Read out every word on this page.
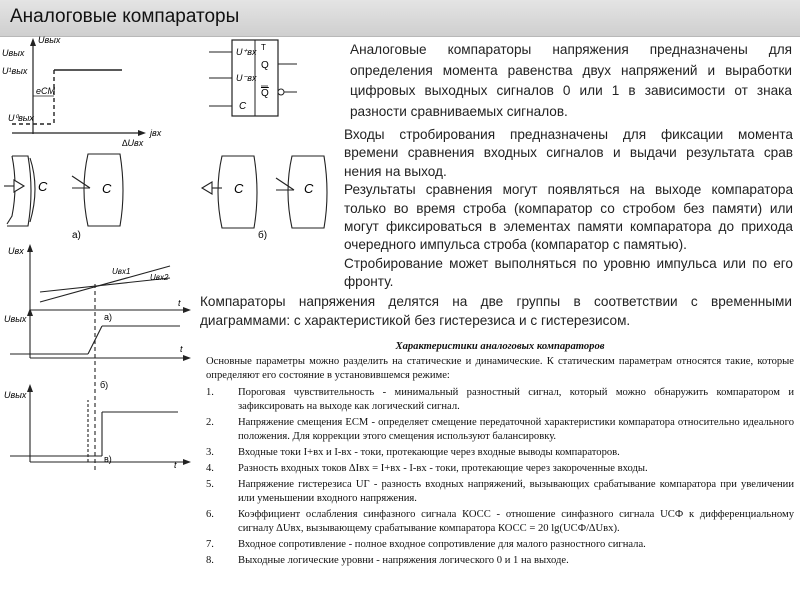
Аналоговые компараторы
Uвых
Uвых
U¹вых
eCM
U⁰вых
jвх
∆Uвх
U⁺вх
U⁻вх
C
T
Q
Q
C	C
а)
C	C
б)
Uвх
Uвх1
Uвх2
t
а)
Uвых
t
б)
Uвых
t
в)
Аналоговые компараторы напряжения предназначены для определения момента равенства двух напряжений и выработки цифровых выходных сигналов 0 или 1 в зависимости от знака разности сравниваемых сигналов.

Входы стробирования предназначены для фиксации момента времени сравнения входных сигналов и выдачи результата срав нения на выход.

Результаты сравнения могут появляться на выходе компаратора только во время строба (компаратор со стробом без памяти) или могут фиксироваться в элементах памяти компаратора до прихода очередного импульса строба (компаратор с памятью).

Стробирование может выполняться по уровню импульса или по его фронту.

Компараторы напряжения делятся на две группы в соответствии с временными диаграммами: с характеристикой без гистерезиса и с гистерезисом.
Характеристики аналоговых компараторов

Основные параметры можно разделить на статические и динамические. К статическим параметрам относятся такие, которые определяют его состояние в установившемся режиме:

1.	Пороговая чувствительность - минимальный разностный сигнал, который можно обнаружить компаратором и зафиксировать на выходе как логический сигнал.
2.	Напряжение смещения ЕСМ - определяет смещение передаточной характеристики компаратора относительно идеального положения. Для коррекции этого смещения используют балансировку.
3.	Входные токи I+вх и I-вх - токи, протекающие через входные выводы компараторов.
4.	Разность входных токов ∆Iвх = I+вх - I-вх - токи, протекающие через закороченные входы.
5.	Напряжение гистерезиса UГ - разность входных напряжений, вызывающих срабатывание компаратора при увеличении или уменьшении входного напряжения.
6.	Коэффициент ослабления синфазного сигнала КОСС - отношение синфазного сигнала UСФ к дифференциальному сигналу ∆Uвх, вызывающему срабатывание компаратора КОСС = 20 lg(UСФ/∆Uвх).
7.	Входное сопротивление - полное входное сопротивление для малого разностного сигнала.
8.	Выходные логические уровни - напряжения логического 0 и 1 на выходе.
